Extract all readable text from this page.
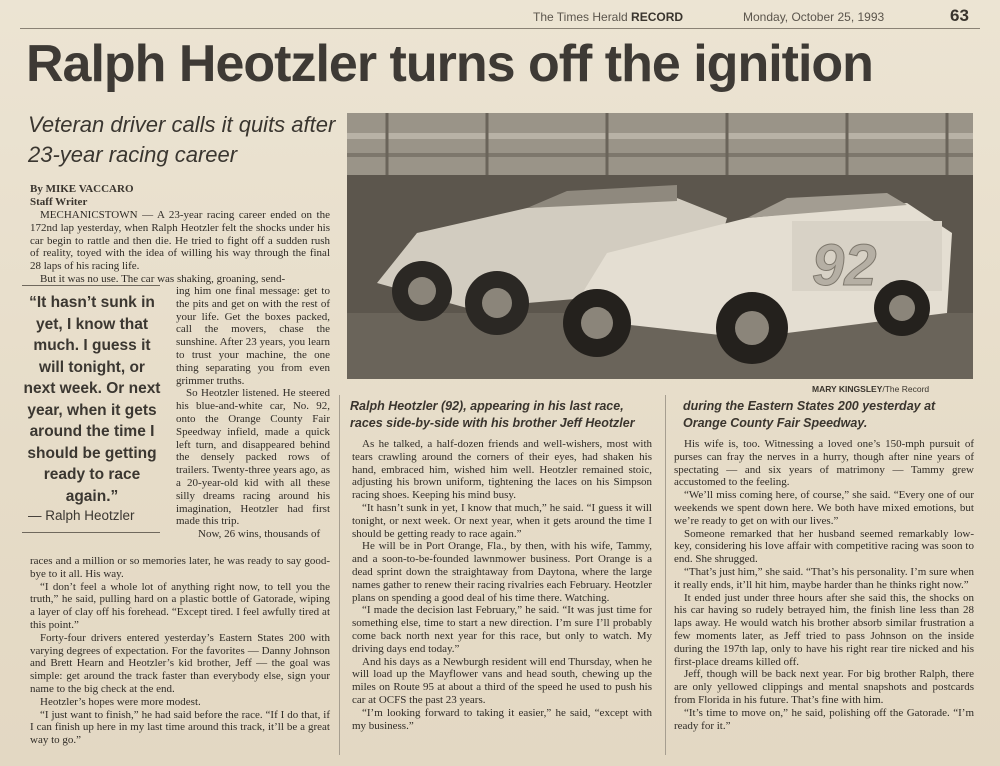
The Times Herald RECORD	Monday, October 25, 1993	63
Ralph Heotzler turns off the ignition
Veteran driver calls it quits after 23-year racing career
By MIKE VACCARO
Staff Writer

MECHANICSTOWN — A 23-year racing career ended on the 172nd lap yesterday, when Ralph Heotzler felt the shocks under his car begin to rattle and then die. He tried to fight off a sudden rush of reality, toyed with the idea of willing his way through the final 28 laps of his racing life.

But it was no use. The car was shaking, groaning, send-

“It hasn’t sunk in yet, I know that much. I guess it will tonight, or next week. Or next year, when it gets around the time I should be getting ready to race again.”
— Ralph Heotzler

ing him one final message: get to the pits and get on with the rest of your life. Get the boxes packed, call the movers, chase the sunshine. After 23 years, you learn to trust your machine, the one thing separating you from even grimmer truths.

So Heotzler listened. He steered his blue-and-white car, No. 92, onto the Orange County Fair Speedway infield, made a quick left turn, and disappeared behind the densely packed rows of trailers. Twenty-three years ago, as a 20-year-old kid with all these silly dreams racing around his imagination, Heotzler had first made this trip.

Now, 26 wins, thousands of

races and a million or so memories later, he was ready to say good-bye to it all. His way.

“I don’t feel a whole lot of anything right now, to tell you the truth,” he said, pulling hard on a plastic bottle of Gatorade, wiping a layer of clay off his forehead. “Except tired. I feel awfully tired at this point.”

Forty-four drivers entered yesterday’s Eastern States 200 with varying degrees of expectation. For the favorites — Danny Johnson and Brett Hearn and Heotzler’s kid brother, Jeff — the goal was simple: get around the track faster than everybody else, sign your name to the big check at the end.

Heotzler’s hopes were more modest.

“I just want to finish,” he had said before the race. “If I do that, if I can finish up here in my last time around this track, it’ll be a great way to go.”

92
MARY KINGSLEY/The Record
Ralph Heotzler (92), appearing in his last race, races side-by-side with his brother Jeff Heotzler
during the Eastern States 200 yesterday at Orange County Fair Speedway.

As he talked, a half-dozen friends and well-wishers, most with tears crawling around the corners of their eyes, had shaken his hand, embraced him, wished him well. Heotzler remained stoic, adjusting his brown uniform, tightening the laces on his Simpson racing shoes. Keeping his mind busy.

“It hasn’t sunk in yet, I know that much,” he said. “I guess it will tonight, or next week. Or next year, when it gets around the time I should be getting ready to race again.”

He will be in Port Orange, Fla., by then, with his wife, Tammy, and a soon-to-be-founded lawnmower business. Port Orange is a dead sprint down the straightaway from Daytona, where the large names gather to renew their racing rivalries each February. Heotzler plans on spending a good deal of his time there. Watching.

“I made the decision last February,” he said. “It was just time for something else, time to start a new direction. I’m sure I’ll probably come back north next year for this race, but only to watch. My driving days end today.”

And his days as a Newburgh resident will end Thursday, when he will load up the Mayflower vans and head south, chewing up the miles on Route 95 at about a third of the speed he used to push his car at OCFS the past 23 years.

“I’m looking forward to taking it easier,” he said, “except with my business.”

His wife is, too. Witnessing a loved one’s 150-mph pursuit of purses can fray the nerves in a hurry, though after nine years of spectating — and six years of matrimony — Tammy grew accustomed to the feeling.

“We’ll miss coming here, of course,” she said. “Every one of our weekends we spent down here. We both have mixed emotions, but we’re ready to get on with our lives.”

Someone remarked that her husband seemed remarkably low-key, considering his love affair with competitive racing was soon to end. She shrugged.

“That’s just him,” she said. “That’s his personality. I’m sure when it really ends, it’ll hit him, maybe harder than he thinks right now.”

It ended just under three hours after she said this, the shocks on his car having so rudely betrayed him, the finish line less than 28 laps away. He would watch his brother absorb similar frustration a few moments later, as Jeff tried to pass Johnson on the inside during the 197th lap, only to have his right rear tire nicked and his first-place dreams killed off.

Jeff, though will be back next year. For big brother Ralph, there are only yellowed clippings and mental snapshots and postcards from Florida in his future. That’s fine with him.

“It’s time to move on,” he said, polishing off the Gatorade. “I’m ready for it.”
